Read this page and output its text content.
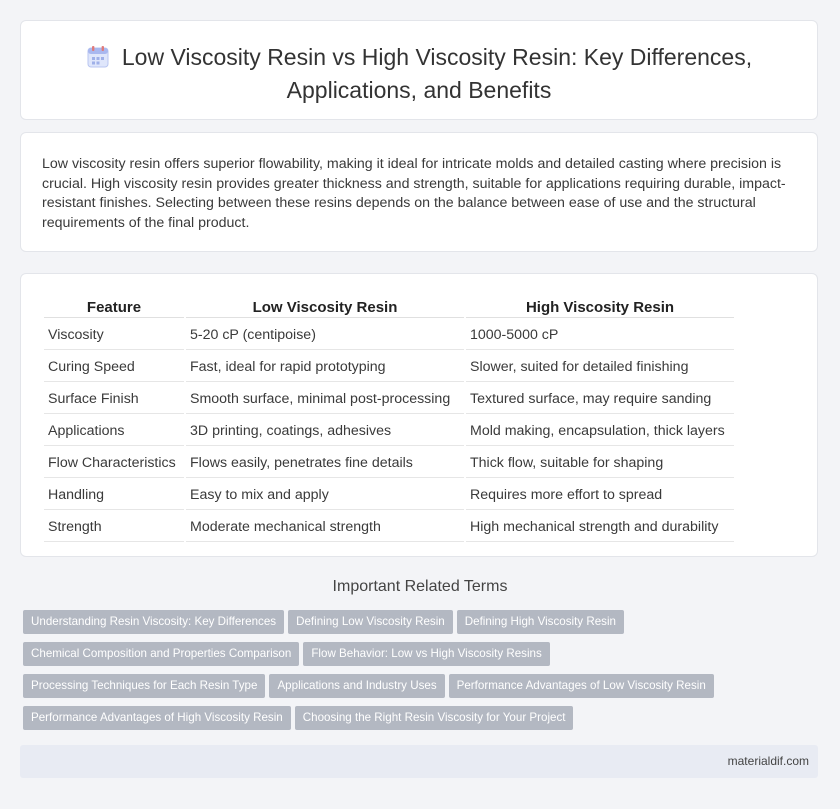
Low Viscosity Resin vs High Viscosity Resin: Key Differences,
Applications, and Benefits

Low viscosity resin offers superior flowability, making it ideal for intricate molds and detailed casting where precision is crucial. High viscosity resin provides greater thickness and strength, suitable for applications requiring durable, impact-resistant finishes. Selecting between these resins depends on the balance between ease of use and the structural requirements of the final product.

Feature	Low Viscosity Resin	High Viscosity Resin
Viscosity	5-20 cP (centipoise)	1000-5000 cP
Curing Speed	Fast, ideal for rapid prototyping	Slower, suited for detailed finishing
Surface Finish	Smooth surface, minimal post-processing	Textured surface, may require sanding
Applications	3D printing, coatings, adhesives	Mold making, encapsulation, thick layers
Flow Characteristics	Flows easily, penetrates fine details	Thick flow, suitable for shaping
Handling	Easy to mix and apply	Requires more effort to spread
Strength	Moderate mechanical strength	High mechanical strength and durability
Important Related Terms
Understanding Resin Viscosity: Key Differences Defining Low Viscosity Resin Defining High Viscosity Resin
Chemical Composition and Properties Comparison Flow Behavior: Low vs High Viscosity Resins
Processing Techniques for Each Resin Type Applications and Industry Uses Performance Advantages of Low Viscosity Resin
Performance Advantages of High Viscosity Resin Choosing the Right Resin Viscosity for Your Project
materialdif.com
